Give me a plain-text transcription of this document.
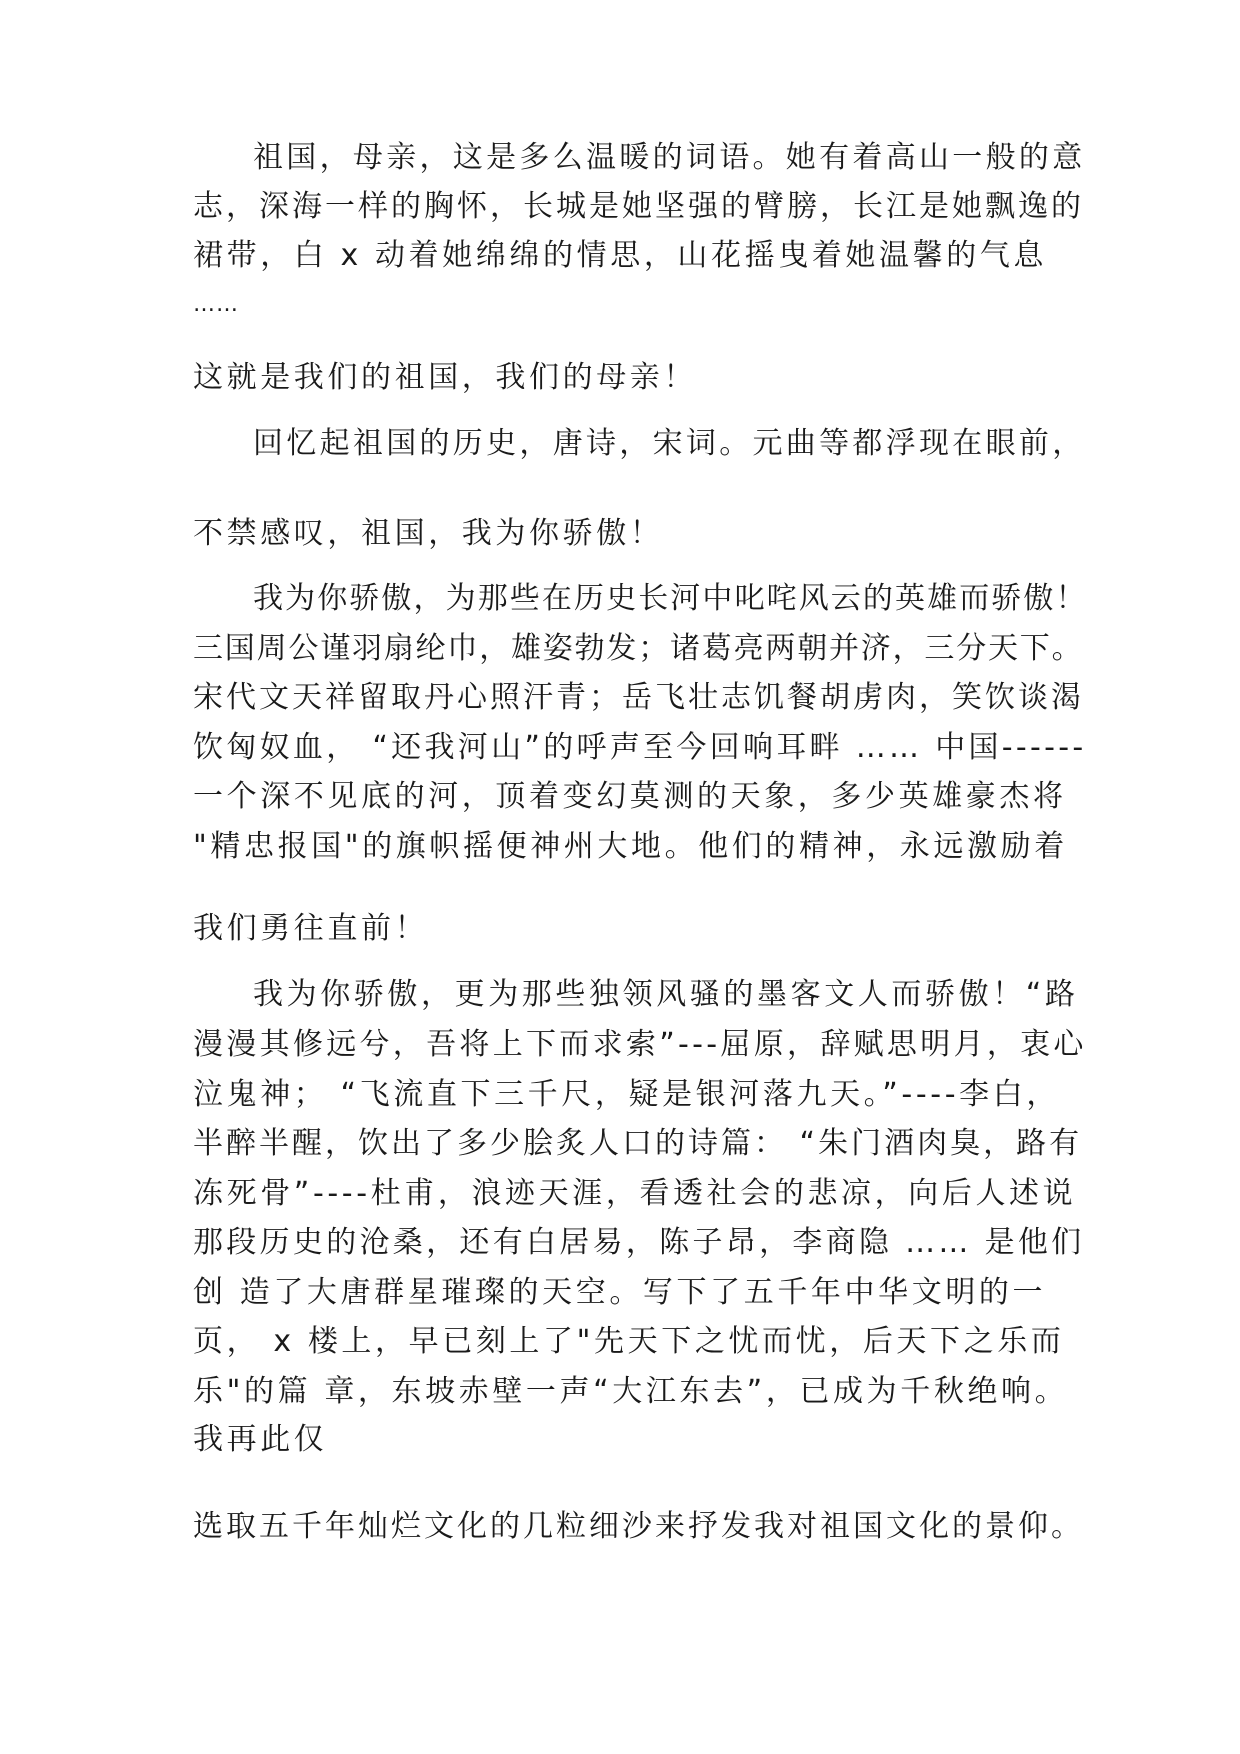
祖国，母亲，这是多么温暖的词语。她有着高山一般的意
志，深海一样的胸怀，长城是她坚强的臂膀，长江是她飘逸的
裙带，白 x 动着她绵绵的情思，山花摇曳着她温馨的气息
……
这就是我们的祖国，我们的母亲！
回忆起祖国的历史，唐诗，宋词。元曲等都浮现在眼前，
不禁感叹，祖国，我为你骄傲！
我为你骄傲，为那些在历史长河中叱咤风云的英雄而骄傲！
三国周公谨羽扇纶巾，雄姿勃发；诸葛亮两朝并济，三分天下。
宋代文天祥留取丹心照汗青；岳飞壮志饥餐胡虏肉，笑饮谈渴
饮匈奴血， “还我河山”的呼声至今回响耳畔 …… 中国------
一个深不见底的河，顶着变幻莫测的天象，多少英雄豪杰将
"精忠报国"的旗帜摇便神州大地。他们的精神，永远激励着
我们勇往直前！
我为你骄傲，更为那些独领风骚的墨客文人而骄傲！“路
漫漫其修远兮，吾将上下而求索”---屈原，辞赋思明月，衷心
泣鬼神； “飞流直下三千尺，疑是银河落九天。”----李白，
半醉半醒，饮出了多少脍炙人口的诗篇： “朱门酒肉臭，路有
冻死骨”----杜甫，浪迹天涯，看透社会的悲凉，向后人述说
那段历史的沧桑，还有白居易，陈子昂，李商隐 …… 是他们
创 造了大唐群星璀璨的天空。写下了五千年中华文明的一
页， x 楼上，早已刻上了"先天下之忧而忧，后天下之乐而
乐"的篇 章，东坡赤壁一声“大江东去”，已成为千秋绝响。
我再此仅
选取五千年灿烂文化的几粒细沙来抒发我对祖国文化的景仰。
